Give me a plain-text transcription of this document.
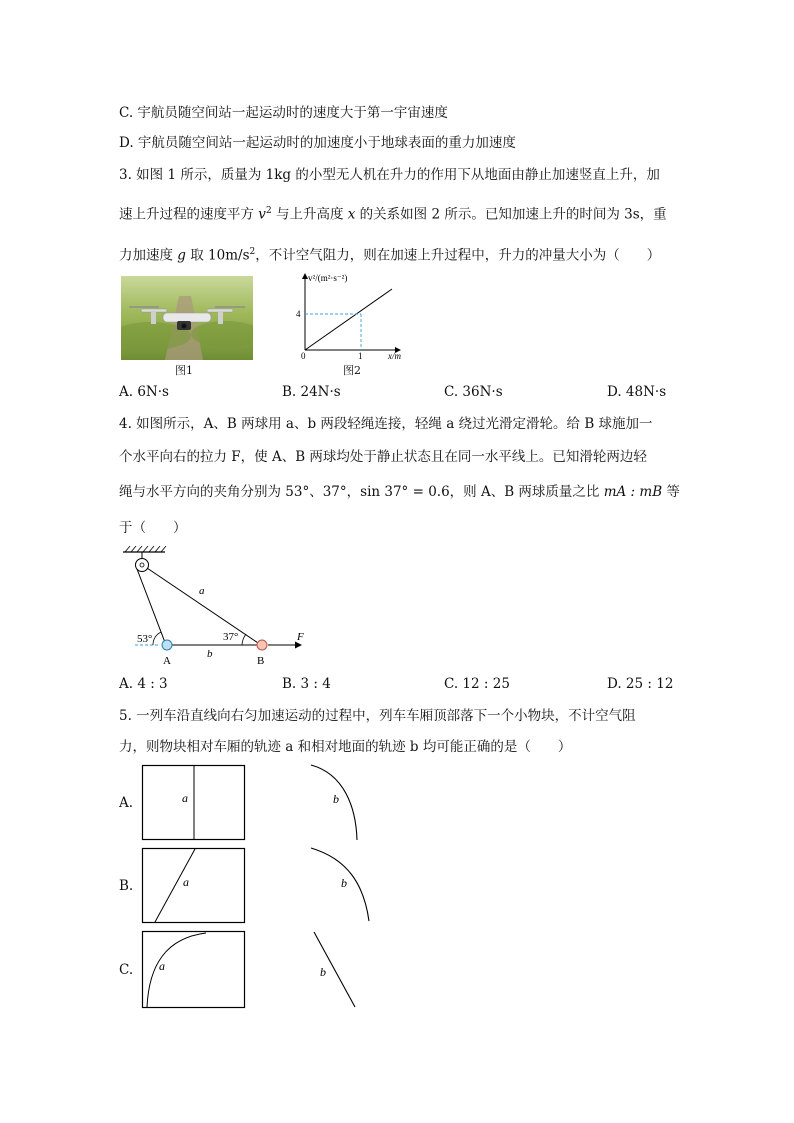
C. 宇航员随空间站一起运动时的速度大于第一宇宙速度
D. 宇航员随空间站一起运动时的加速度小于地球表面的重力加速度
3. 如图 1 所示，质量为 1kg 的小型无人机在升力的作用下从地面由静止加速竖直上升，加
速上升过程的速度平方 $v^2$ 与上升高度 x 的关系如图 2 所示。已知加速上升的时间为 3s，重
力加速度 g 取 $10m/s^2$，不计空气阻力，则在加速上升过程中，升力的冲量大小为（　　）
图1
v²/(m²·s⁻²)
x/m
4
1
0
图2
A. 6N·s	B. 24N·s	C. 36N·s	D. 48N·s
4. 如图所示，A、B 两球用 a、b 两段轻绳连接，轻绳 a 绕过光滑定滑轮。给 B 球施加一
个水平向右的拉力 F，使 A、B 两球均处于静止状态且在同一水平线上。已知滑轮两边轻
绳与水平方向的夹角分别为 53°、37°，sin 37° = 0.6，则 A、B 两球质量之比 mA : mB 等
于（　　）
a
b
53°	37°
A	B
F
A. 4 : 3	B. 3 : 4	C. 12 : 25	D. 25 : 12
5. 一列车沿直线向右匀加速运动的过程中，列车车厢顶部落下一个小物块，不计空气阻
力，则物块相对车厢的轨迹 a 和相对地面的轨迹 b 均可能正确的是（　　）
A.	a	b
B.	a	b
C. a	b
